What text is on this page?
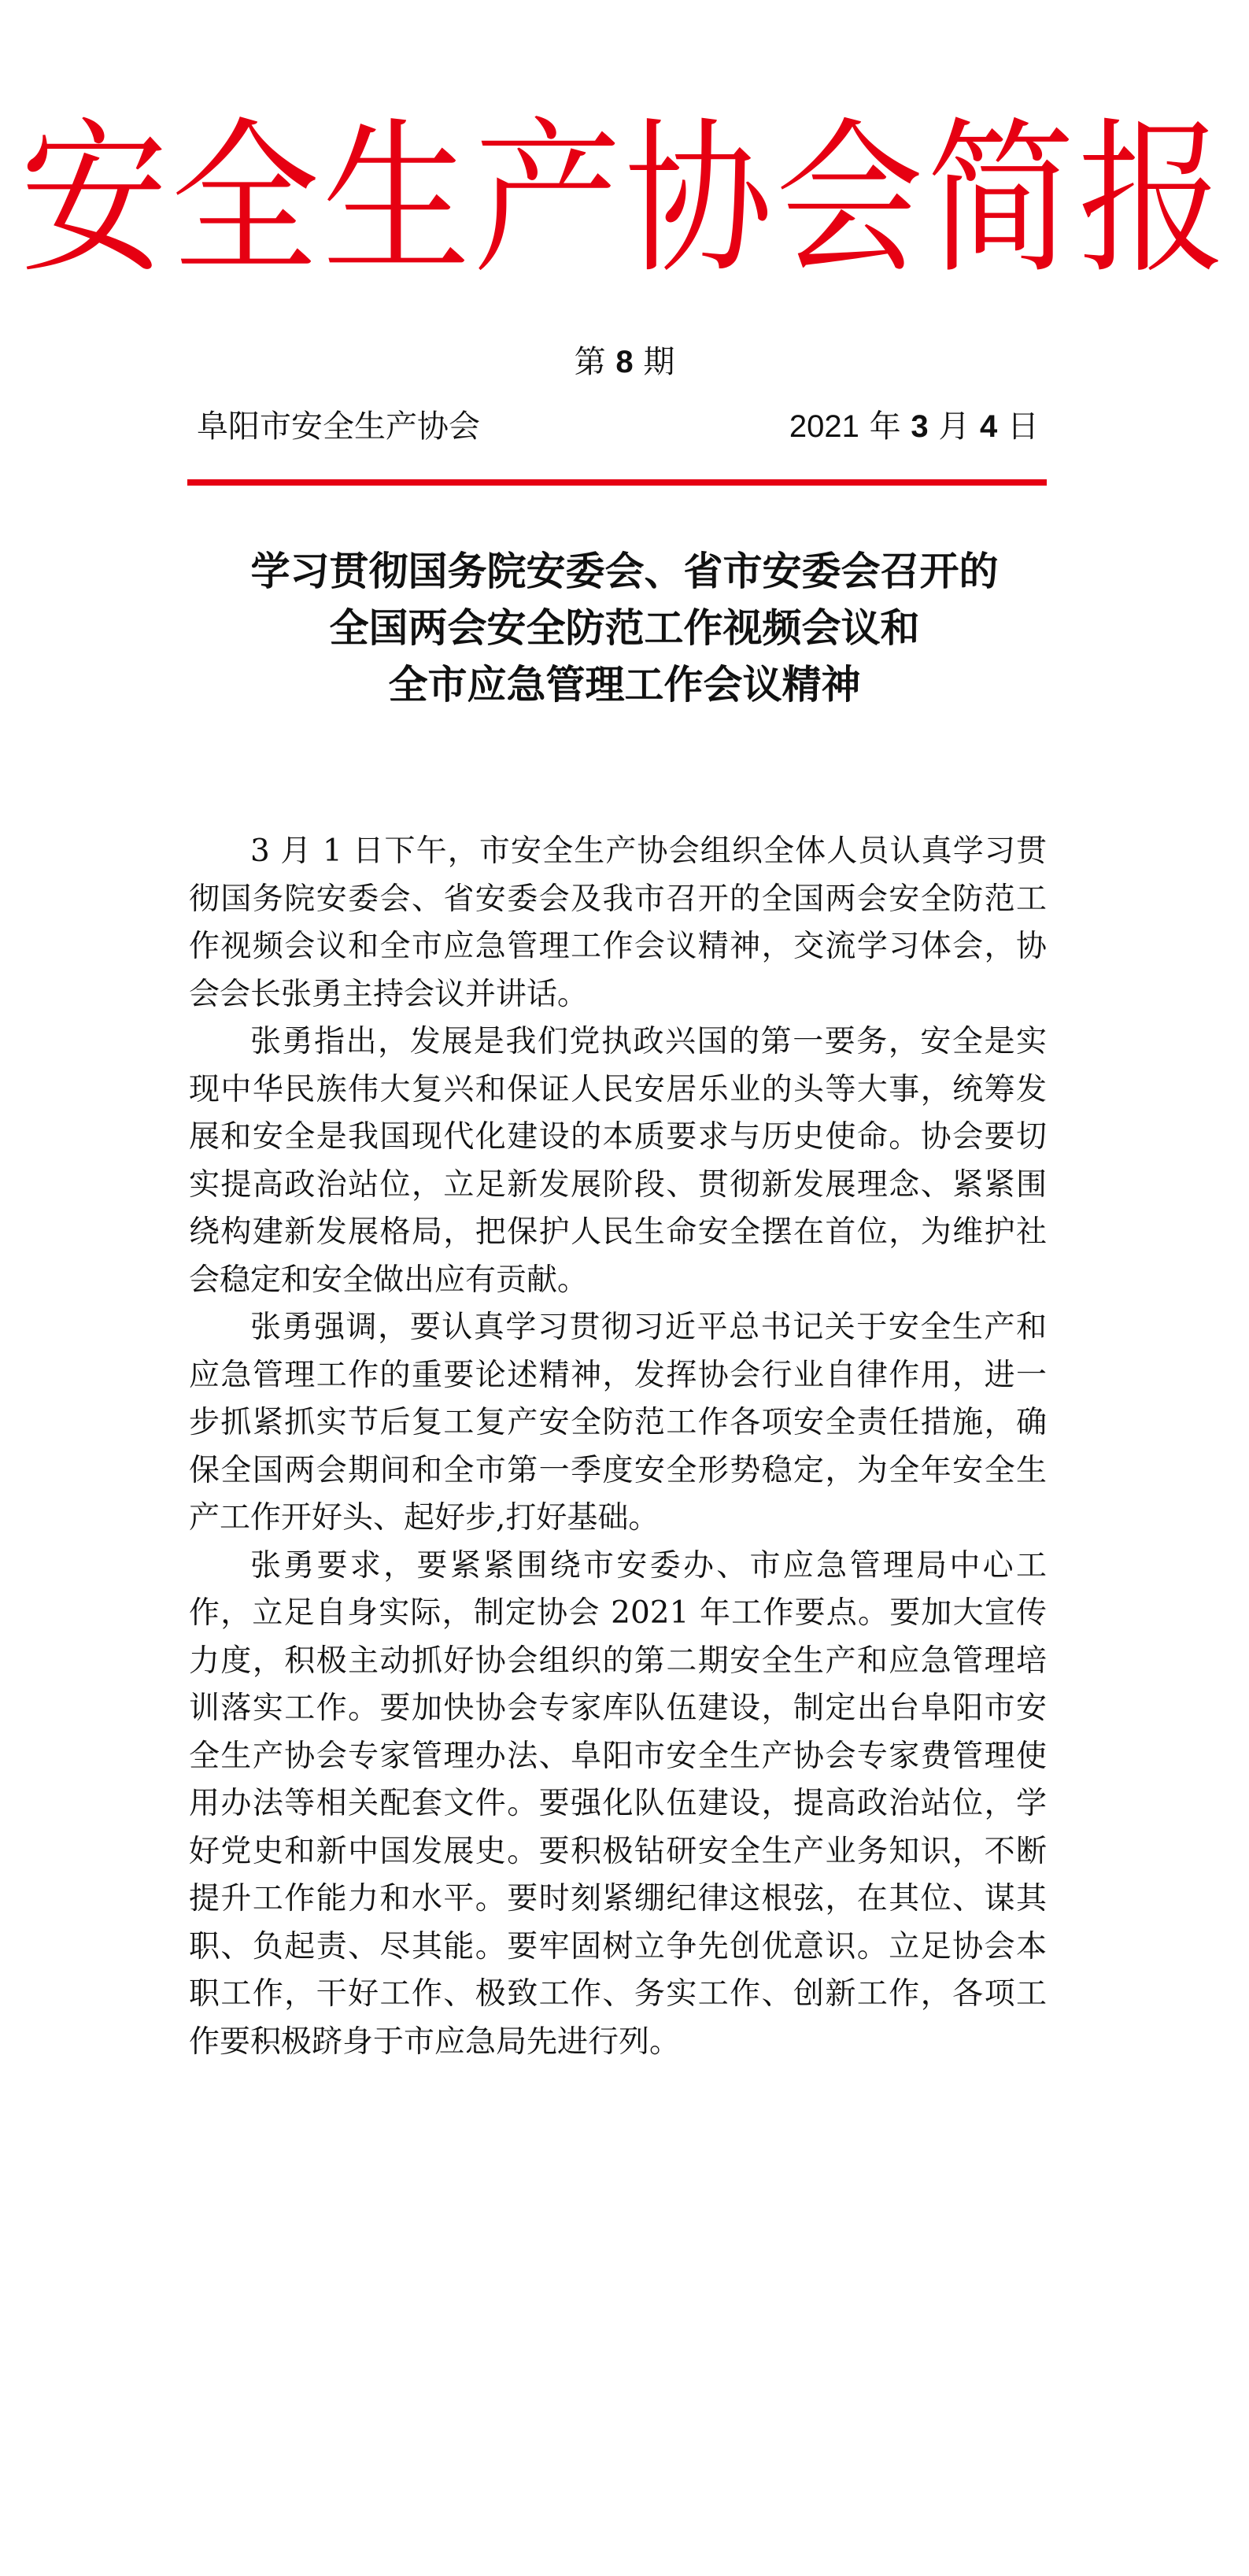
安全生产协会简报
第 8 期
阜阳市安全生产协会	2021 年 3 月 4 日
学习贯彻国务院安委会、省市安委会召开的
全国两会安全防范工作视频会议和
全市应急管理工作会议精神

3 月 1 日下午，市安全生产协会组织全体人员认真学习贯彻国务院安委会、省安委会及我市召开的全国两会安全防范工作视频会议和全市应急管理工作会议精神，交流学习体会，协会会长张勇主持会议并讲话。

张勇指出，发展是我们党执政兴国的第一要务，安全是实现中华民族伟大复兴和保证人民安居乐业的头等大事，统筹发展和安全是我国现代化建设的本质要求与历史使命。协会要切实提高政治站位，立足新发展阶段、贯彻新发展理念、紧紧围绕构建新发展格局，把保护人民生命安全摆在首位，为维护社会稳定和安全做出应有贡献。

张勇强调，要认真学习贯彻习近平总书记关于安全生产和应急管理工作的重要论述精神，发挥协会行业自律作用，进一步抓紧抓实节后复工复产安全防范工作各项安全责任措施，确保全国两会期间和全市第一季度安全形势稳定，为全年安全生产工作开好头、起好步,打好基础。

张勇要求，要紧紧围绕市安委办、市应急管理局中心工作，立足自身实际，制定协会 2021 年工作要点。要加大宣传力度，积极主动抓好协会组织的第二期安全生产和应急管理培训落实工作。要加快协会专家库队伍建设，制定出台阜阳市安全生产协会专家管理办法、阜阳市安全生产协会专家费管理使用办法等相关配套文件。要强化队伍建设，提高政治站位，学好党史和新中国发展史。要积极钻研安全生产业务知识，不断提升工作能力和水平。要时刻紧绷纪律这根弦，在其位、谋其职、负起责、尽其能。要牢固树立争先创优意识。立足协会本职工作，干好工作、极致工作、务实工作、创新工作，各项工作要积极跻身于市应急局先进行列。
